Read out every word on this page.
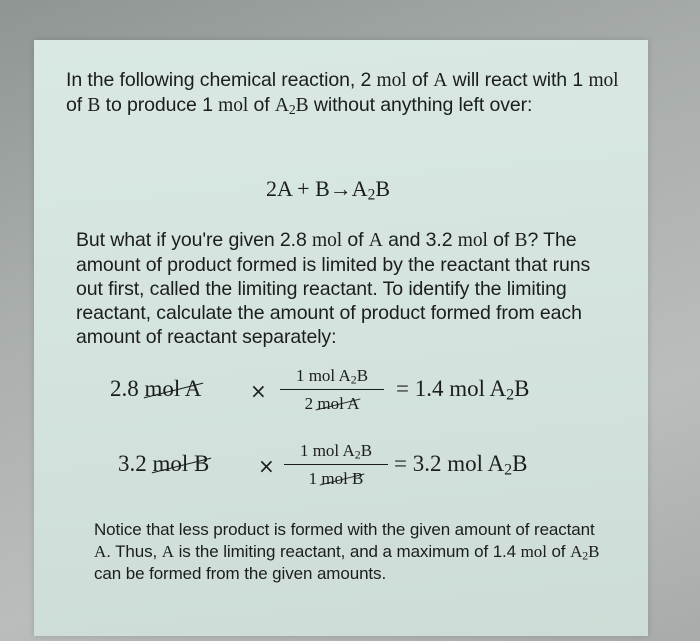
In the following chemical reaction, 2 mol of A will react with 1 mol of B to produce 1 mol of $A_2B$ without anything left over:
$2A + B\to A_2B$
But what if you're given 2.8 mol of A and 3.2 mol of B? The amount of product formed is limited by the reactant that runs out first, called the limiting reactant. To identify the limiting reactant, calculate the amount of product formed from each amount of reactant separately:
2.8 mol A ×
1 mol $A_2B$
2 mol A
= 1.4 mol $A_2B$
3.2 mol B ×
1 mol $A_2B$
1 mol B
= 3.2 mol $A_2B$
Notice that less product is formed with the given amount of reactant A. Thus, A is the limiting reactant, and a maximum of 1.4 mol of $A_2B$ can be formed from the given amounts.
